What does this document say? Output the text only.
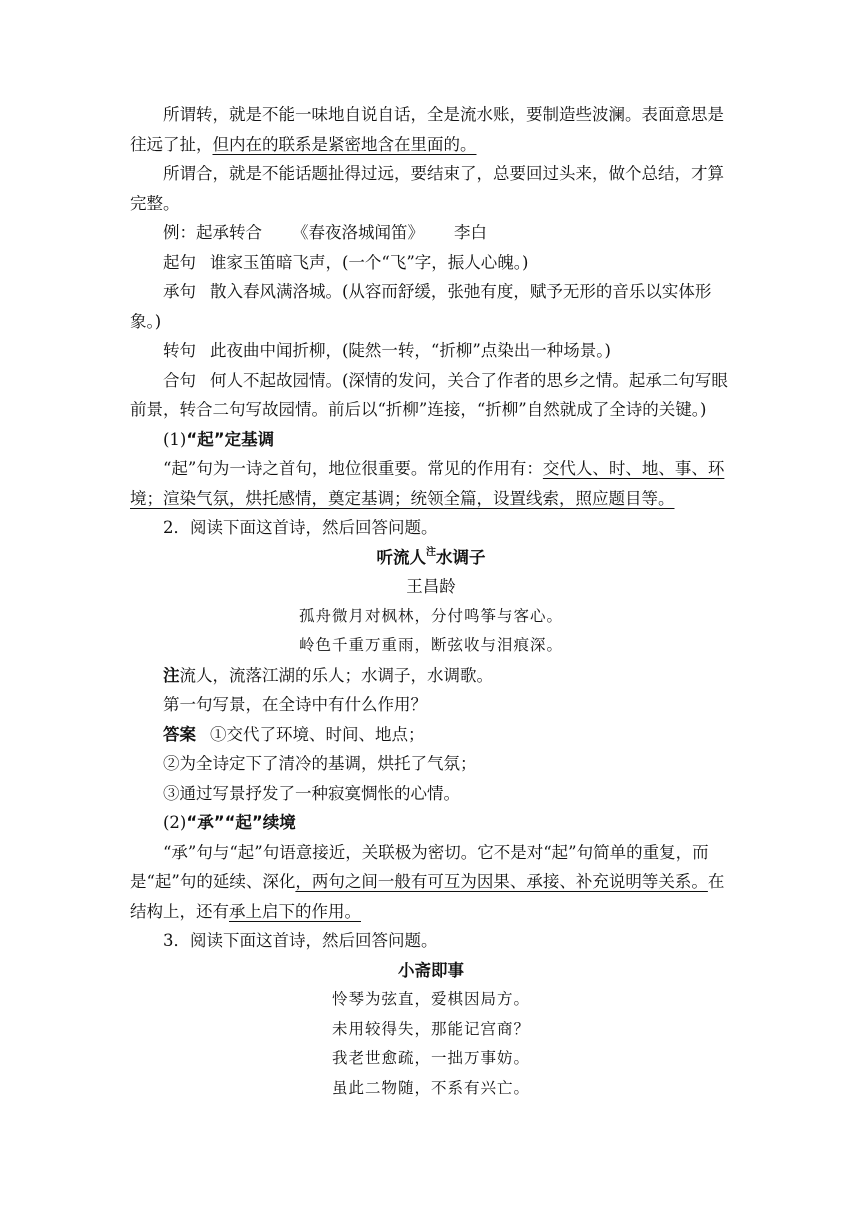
所谓转，就是不能一味地自说自话，全是流水账，要制造些波澜。表面意思是往远了扯，但内在的联系是紧密地含在里面的。

所谓合，就是不能话题扯得过远，要结束了，总要回过头来，做个总结，才算完整。

例：起承转合 《春夜洛城闻笛》 李白

起句 谁家玉笛暗飞声，(一个“飞”字，振人心魄。)

承句 散入春风满洛城。(从容而舒缓，张弛有度，赋予无形的音乐以实体形象。)

转句 此夜曲中闻折柳，(陡然一转，“折柳”点染出一种场景。)

合句 何人不起故园情。(深情的发问，关合了作者的思乡之情。起承二句写眼前景，转合二句写故园情。前后以“折柳”连接，“折柳”自然就成了全诗的关键。)

(1)“起”定基调

“起”句为一诗之首句，地位很重要。常见的作用有：交代人、时、地、事、环境；渲染气氛，烘托感情，奠定基调；统领全篇，设置线索，照应题目等。

2．阅读下面这首诗，然后回答问题。

听流人$^注$水调子

王昌龄

孤舟微月对枫林，分付鸣筝与客心。

岭色千重万重雨，断弦收与泪痕深。

注流人，流落江湖的乐人；水调子，水调歌。

第一句写景，在全诗中有什么作用？

答案 ①交代了环境、时间、地点；

②为全诗定下了清冷的基调，烘托了气氛；

③通过写景抒发了一种寂寞惆怅的心情。

(2)“承”“起”续境

“承”句与“起”句语意接近，关联极为密切。它不是对“起”句简单的重复，而是“起”句的延续、深化，两句之间一般有可互为因果、承接、补充说明等关系。在结构上，还有承上启下的作用。

3．阅读下面这首诗，然后回答问题。

小斋即事

怜琴为弦直，爱棋因局方。

未用较得失，那能记宫商？

我老世愈疏，一拙万事妨。

虽此二物随，不系有兴亡。
